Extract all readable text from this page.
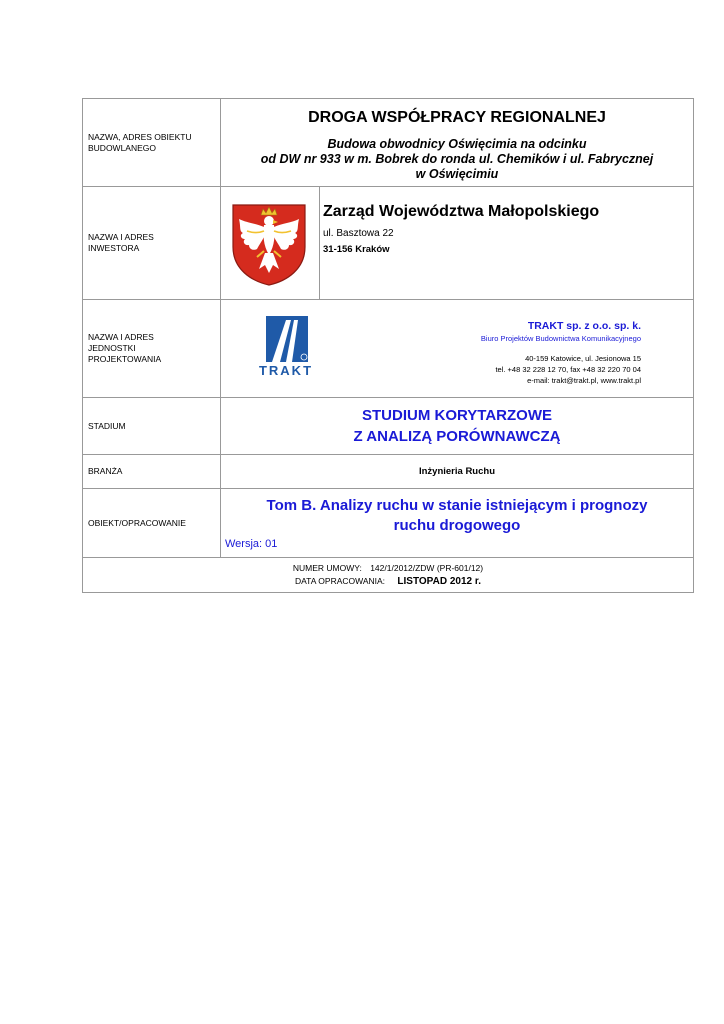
NAZWA, ADRES OBIEKTU
BUDOWLANEGO
DROGA WSPÓŁPRACY REGIONALNEJ
Budowa obwodnicy Oświęcimia na odcinku
od DW nr 933 w m. Bobrek do ronda ul. Chemików i ul. Fabrycznej
w Oświęcimiu
NAZWA I ADRES
INWESTORA
Zarząd Województwa Małopolskiego
ul. Basztowa 22
31-156 Kraków
NAZWA I ADRES
JEDNOSTKI
PROJEKTOWANIA
TRAKT
TRAKT sp. z o.o. sp. k.
Biuro Projektów Budownictwa Komunikacyjnego
40-159 Katowice, ul. Jesionowa 15
tel. +48 32 228 12 70, fax +48 32 220 70 04
e-mail: trakt@trakt.pl, www.trakt.pl
STADIUM
STUDIUM KORYTARZOWE
Z ANALIZĄ PORÓWNAWCZĄ
BRANŻA	Inżynieria Ruchu
OBIEKT/OPRACOWANIE
Tom B. Analizy ruchu w stanie istniejącym i prognozy
ruchu drogowego
Wersja: 01
NUMER UMOWY: 142/1/2012/ZDW (PR-601/12)
DATA OPRACOWANIA: LISTOPAD 2012 r.
